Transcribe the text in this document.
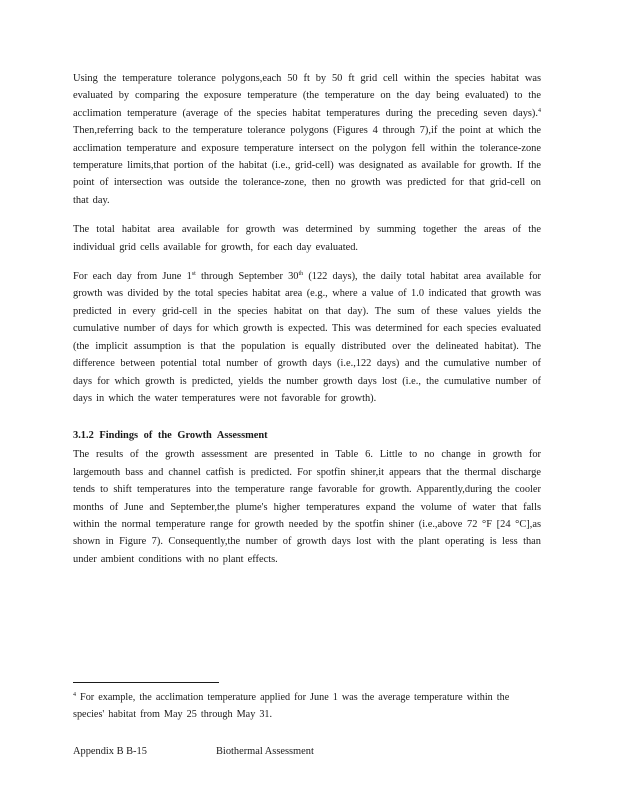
Using the temperature tolerance polygons,each 50 ft by 50 ft grid cell within the species habitat was evaluated by comparing the exposure temperature (the temperature on the day being evaluated) to the acclimation temperature (average of the species habitat temperatures during the preceding seven days).$^4$ Then,referring back to the temperature tolerance polygons (Figures 4 through 7),if the point at which the acclimation temperature and exposure temperature intersect on the polygon fell within the tolerance-zone temperature limits,that portion of the habitat (i.e., grid-cell) was designated as available for growth. If the point of intersection was outside the tolerance-zone, then no growth was predicted for that grid-cell on that day.

The total habitat area available for growth was determined by summing together the areas of the individual grid cells available for growth, for each day evaluated.

For each day from June 1st through September 30th (122 days), the daily total habitat area available for growth was divided by the total species habitat area (e.g., where a value of 1.0 indicated that growth was predicted in every grid-cell in the species habitat on that day). The sum of these values yields the cumulative number of days for which growth is expected. This was determined for each species evaluated (the implicit assumption is that the population is equally distributed over the delineated habitat). The difference between potential total number of growth days (i.e.,122 days) and the cumulative number of days for which growth is predicted, yields the number growth days lost (i.e., the cumulative number of days in which the water temperatures were not favorable for growth).

3.1.2 Findings of the Growth Assessment

The results of the growth assessment are presented in Table 6. Little to no change in growth for largemouth bass and channel catfish is predicted. For spotfin shiner,it appears that the thermal discharge tends to shift temperatures into the temperature range favorable for growth. Apparently,during the cooler months of June and September,the plume's higher temperatures expand the volume of water that falls within the normal temperature range for growth needed by the spotfin shiner (i.e.,above 72 °F [24 °C],as shown in Figure 7). Consequently,the number of growth days lost with the plant operating is less than under ambient conditions with no plant effects.

$^4$ For example, the acclimation temperature applied for June 1 was the average temperature within the species' habitat from May 25 through May 31.

Appendix B B-15	Biothermal Assessment
